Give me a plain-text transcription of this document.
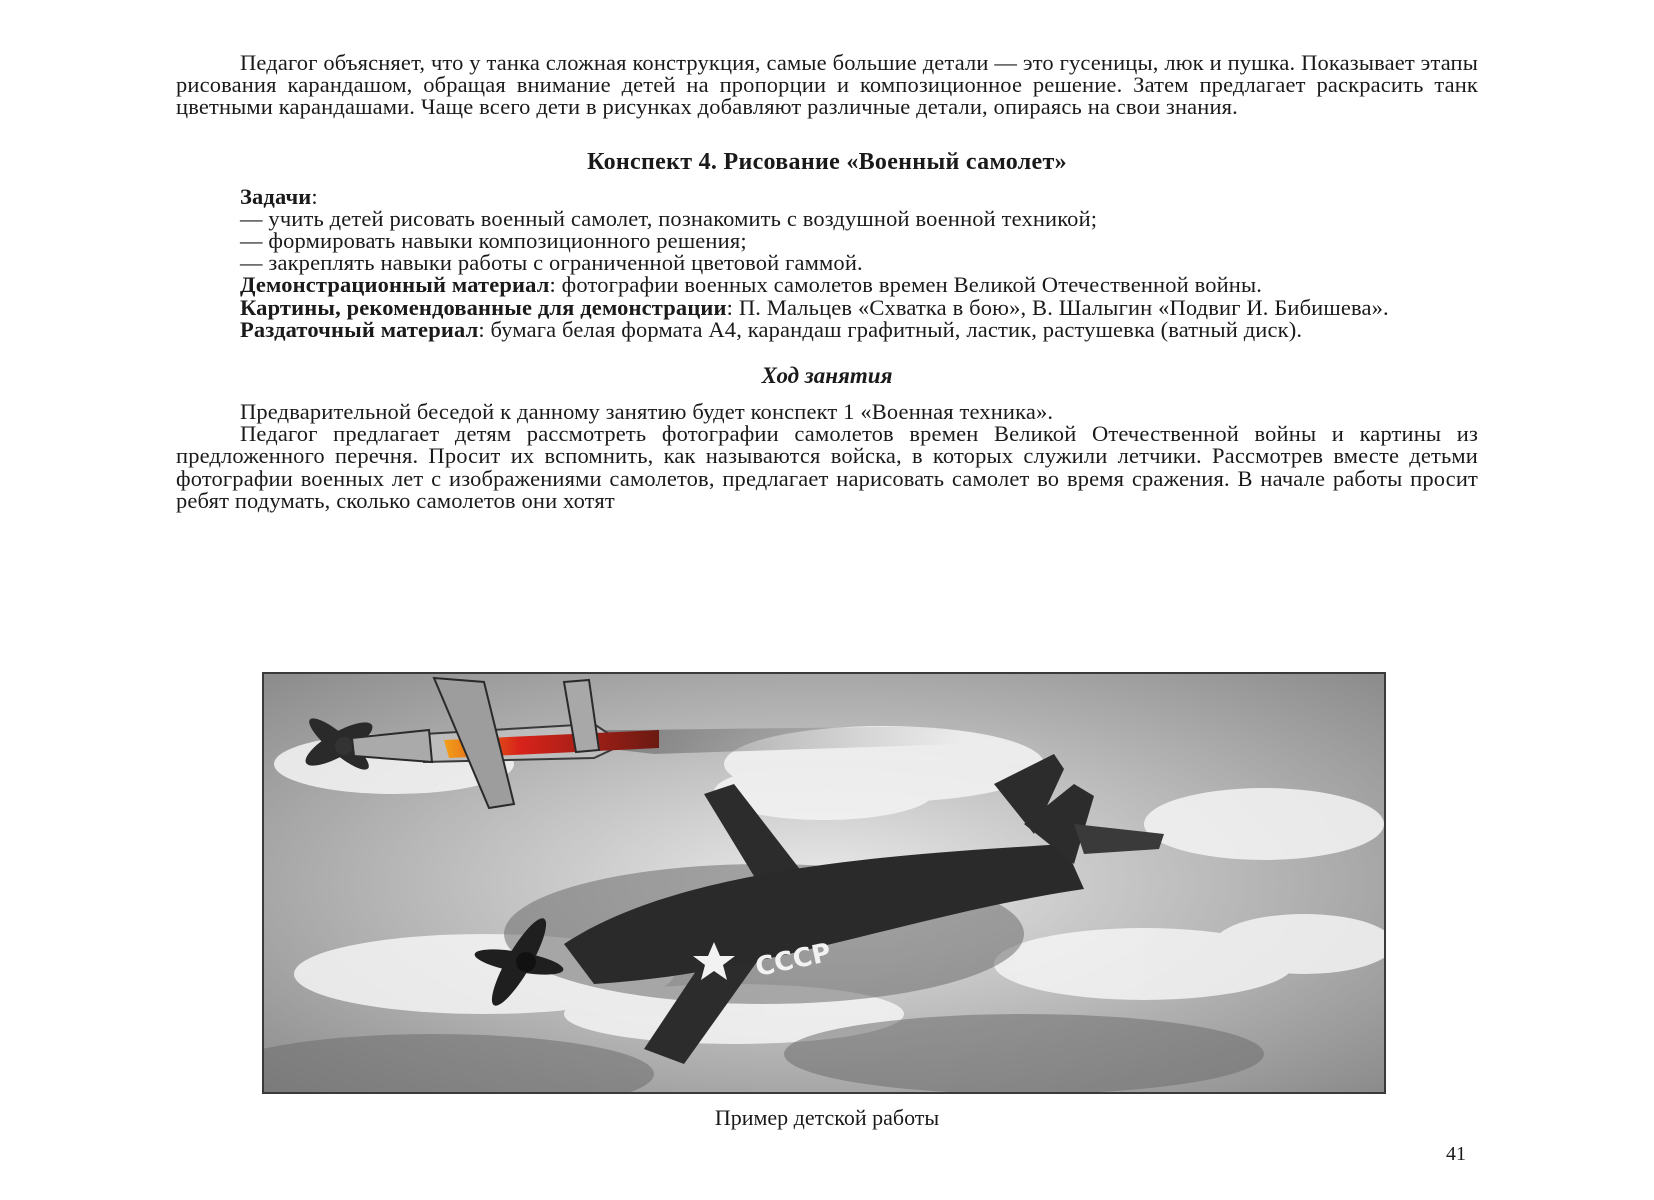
Педагог объясняет, что у танка сложная конструкция, самые большие детали — это гусеницы, люк и пушка. Показывает этапы рисования карандашом, обращая внимание детей на пропорции и композиционное решение. Затем предлагает раскрасить танк цветными карандашами. Чаще всего дети в рисунках добавляют различные детали, опираясь на свои знания.

Конспект 4. Рисование «Военный самолет»

Задачи:

— учить детей рисовать военный самолет, познакомить с воздушной военной техникой;

— формировать навыки композиционного решения;

— закреплять навыки работы с ограниченной цветовой гаммой.

Демонстрационный материал: фотографии военных самолетов времен Великой Отечественной войны.

Картины, рекомендованные для демонстрации: П. Мальцев «Схватка в бою», В. Шалыгин «Подвиг И. Бибишева».

Раздаточный материал: бумага белая формата А4, карандаш графитный, ластик, растушевка (ватный диск).

Ход занятия

Предварительной беседой к данному занятию будет конспект 1 «Военная техника».

Педагог предлагает детям рассмотреть фотографии самолетов времен Великой Отечественной войны и картины из предложенного перечня. Просит их вспомнить, как называются войска, в которых служили летчики. Рассмотрев вместе детьми фотографии военных лет с изображениями самолетов, предлагает нарисовать самолет во время сражения. В начале работы просит ребят подумать, сколько самолетов они хотят

СССР
Пример детской работы
41
